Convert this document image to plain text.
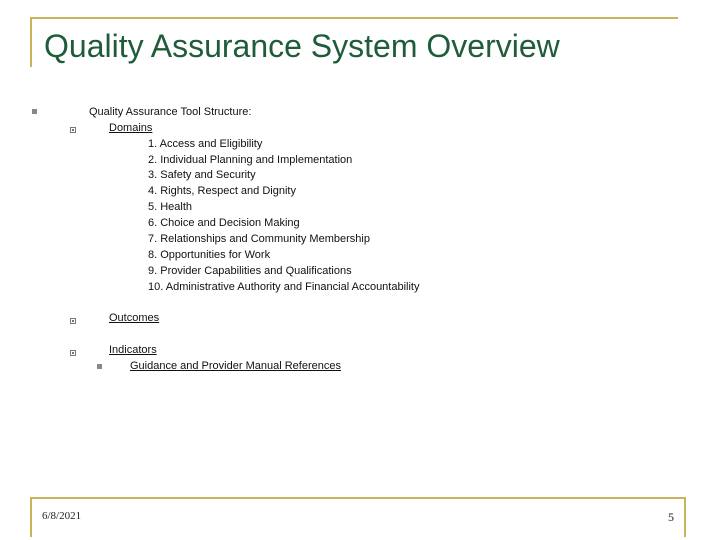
Quality Assurance System Overview
Quality Assurance Tool Structure:
Domains
1. Access and Eligibility
2. Individual Planning and Implementation
3. Safety and Security
4. Rights, Respect and Dignity
5. Health
6. Choice and Decision Making
7. Relationships and Community Membership
8. Opportunities for Work
9. Provider Capabilities and Qualifications
10. Administrative Authority and Financial Accountability
Outcomes
Indicators
Guidance and Provider Manual References
6/8/2021	5
